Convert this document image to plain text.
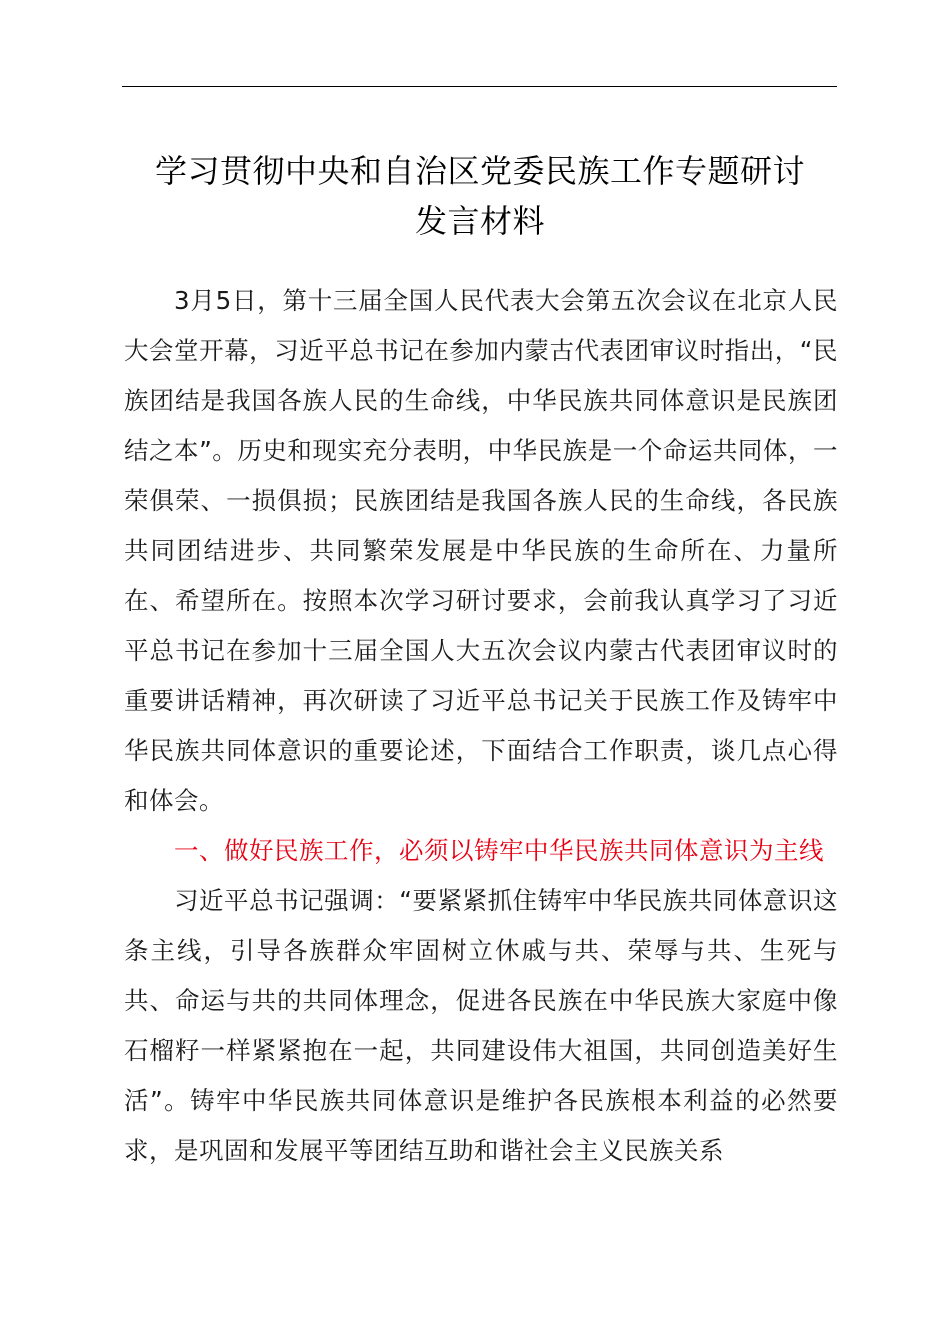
学习贯彻中央和自治区党委民族工作专题研讨
发言材料

3月5日，第十三届全国人民代表大会第五次会议在北京人民大会堂开幕，习近平总书记在参加内蒙古代表团审议时指出，“民族团结是我国各族人民的生命线，中华民族共同体意识是民族团结之本”。历史和现实充分表明，中华民族是一个命运共同体，一荣俱荣、一损俱损；民族团结是我国各族人民的生命线，各民族共同团结进步、共同繁荣发展是中华民族的生命所在、力量所在、希望所在。按照本次学习研讨要求，会前我认真学习了习近平总书记在参加十三届全国人大五次会议内蒙古代表团审议时的重要讲话精神，再次研读了习近平总书记关于民族工作及铸牢中华民族共同体意识的重要论述，下面结合工作职责，谈几点心得和体会。

一、做好民族工作，必须以铸牢中华民族共同体意识为主线

习近平总书记强调：“要紧紧抓住铸牢中华民族共同体意识这条主线，引导各族群众牢固树立休戚与共、荣辱与共、生死与共、命运与共的共同体理念，促进各民族在中华民族大家庭中像石榴籽一样紧紧抱在一起，共同建设伟大祖国，共同创造美好生活”。铸牢中华民族共同体意识是维护各民族根本利益的必然要求，是巩固和发展平等团结互助和谐社会主义民族关系
